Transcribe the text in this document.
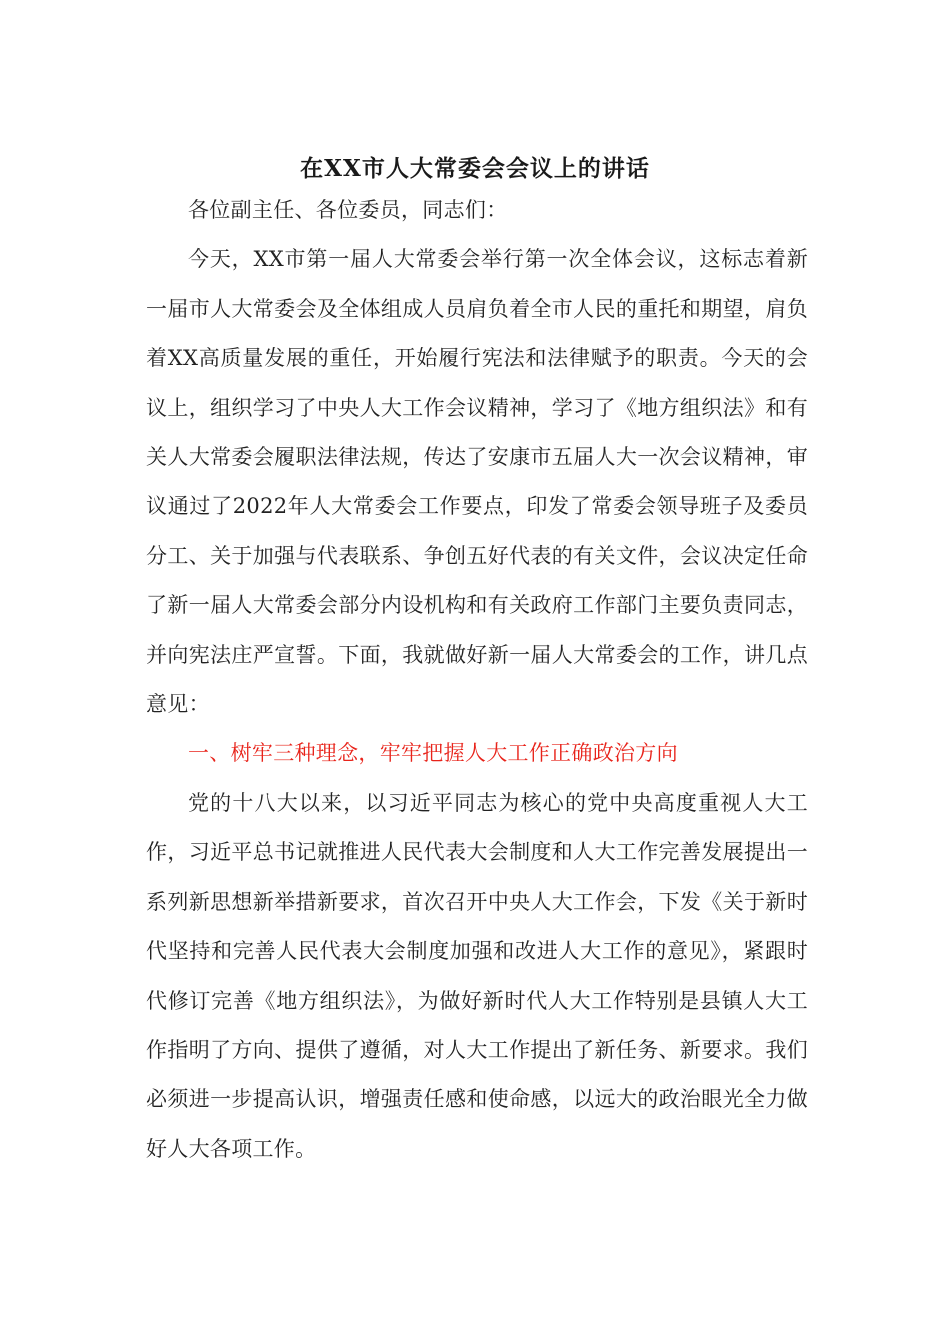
在XX市人大常委会会议上的讲话

各位副主任、各位委员，同志们：

今天，XX市第一届人大常委会举行第一次全体会议，这标志着新一届市人大常委会及全体组成人员肩负着全市人民的重托和期望，肩负着XX高质量发展的重任，开始履行宪法和法律赋予的职责。今天的会议上，组织学习了中央人大工作会议精神，学习了《地方组织法》和有关人大常委会履职法律法规，传达了安康市五届人大一次会议精神，审议通过了2022年人大常委会工作要点，印发了常委会领导班子及委员分工、关于加强与代表联系、争创五好代表的有关文件，会议决定任命了新一届人大常委会部分内设机构和有关政府工作部门主要负责同志，并向宪法庄严宣誓。下面，我就做好新一届人大常委会的工作，讲几点意见：

一、树牢三种理念，牢牢把握人大工作正确政治方向

党的十八大以来，以习近平同志为核心的党中央高度重视人大工作，习近平总书记就推进人民代表大会制度和人大工作完善发展提出一系列新思想新举措新要求，首次召开中央人大工作会，下发《关于新时代坚持和完善人民代表大会制度加强和改进人大工作的意见》，紧跟时代修订完善《地方组织法》，为做好新时代人大工作特别是县镇人大工作指明了方向、提供了遵循，对人大工作提出了新任务、新要求。我们必须进一步提高认识，增强责任感和使命感，以远大的政治眼光全力做好人大各项工作。
